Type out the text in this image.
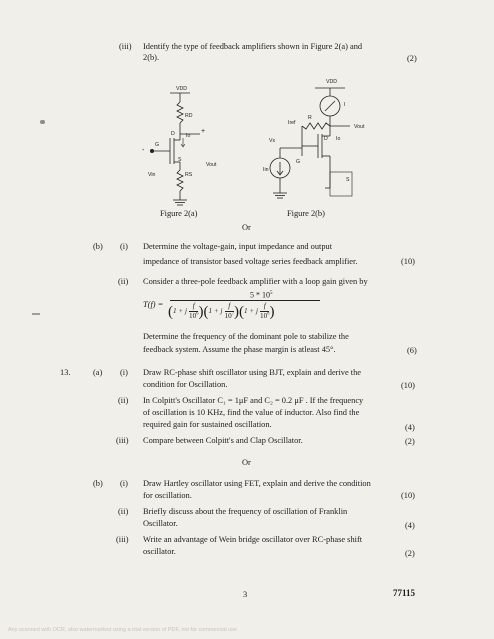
(iii) Identify the type of feedback amplifiers shown in Figure 2(a) and
2(b).	(2)
VDD
RD
D Io
G
S
RS
Vin
Vout
+
-
Figure 2(a)
VDD
I
Iref
R
Vout
Vx	D Io
G
Iin
S
Figure 2(b)
Or
(b) (i) Determine the voltage-gain, input impedance and output
impedance of transistor based voltage series feedback amplifier.	(10)
(ii) Consider a three-pole feedback amplifier with a loop gain given by
T(f) =
$5 * 10^5$
(1 + j $\frac{f}{10^6})(1 + j \frac{f}{10^7})(1 + j \frac{f}{10^8})$
Determine the frequency of the dominant pole to stabilize the
feedback system. Assume the phase margin is atleast 45°.	(6)
13.	(a) (i) Draw RC-phase shift oscillator using BJT, explain and derive the
condition for Oscillation.	(10)
(ii) In Colpitt's Oscillator C₁ = 1μF and C₂ = 0.2 μF . If the frequency
of oscillation is 10 KHz, find the value of inductor. Also find the
required gain for sustained oscillation.	(4)
(iii) Compare between Colpitt's and Clap Oscillator.	(2)
Or
(b) (i) Draw Hartley oscillator using FET, explain and derive the condition
for oscillation.	(10)
(ii) Briefly discuss about the frequency of oscillation of Franklin
Oscillator.	(4)
(iii) Write an advantage of Wein bridge oscillator over RC-phase shift
oscillator.	(2)
3	77115
Any scanned with OCR, also watermarked using a trial version of PDF, not for commercial use
